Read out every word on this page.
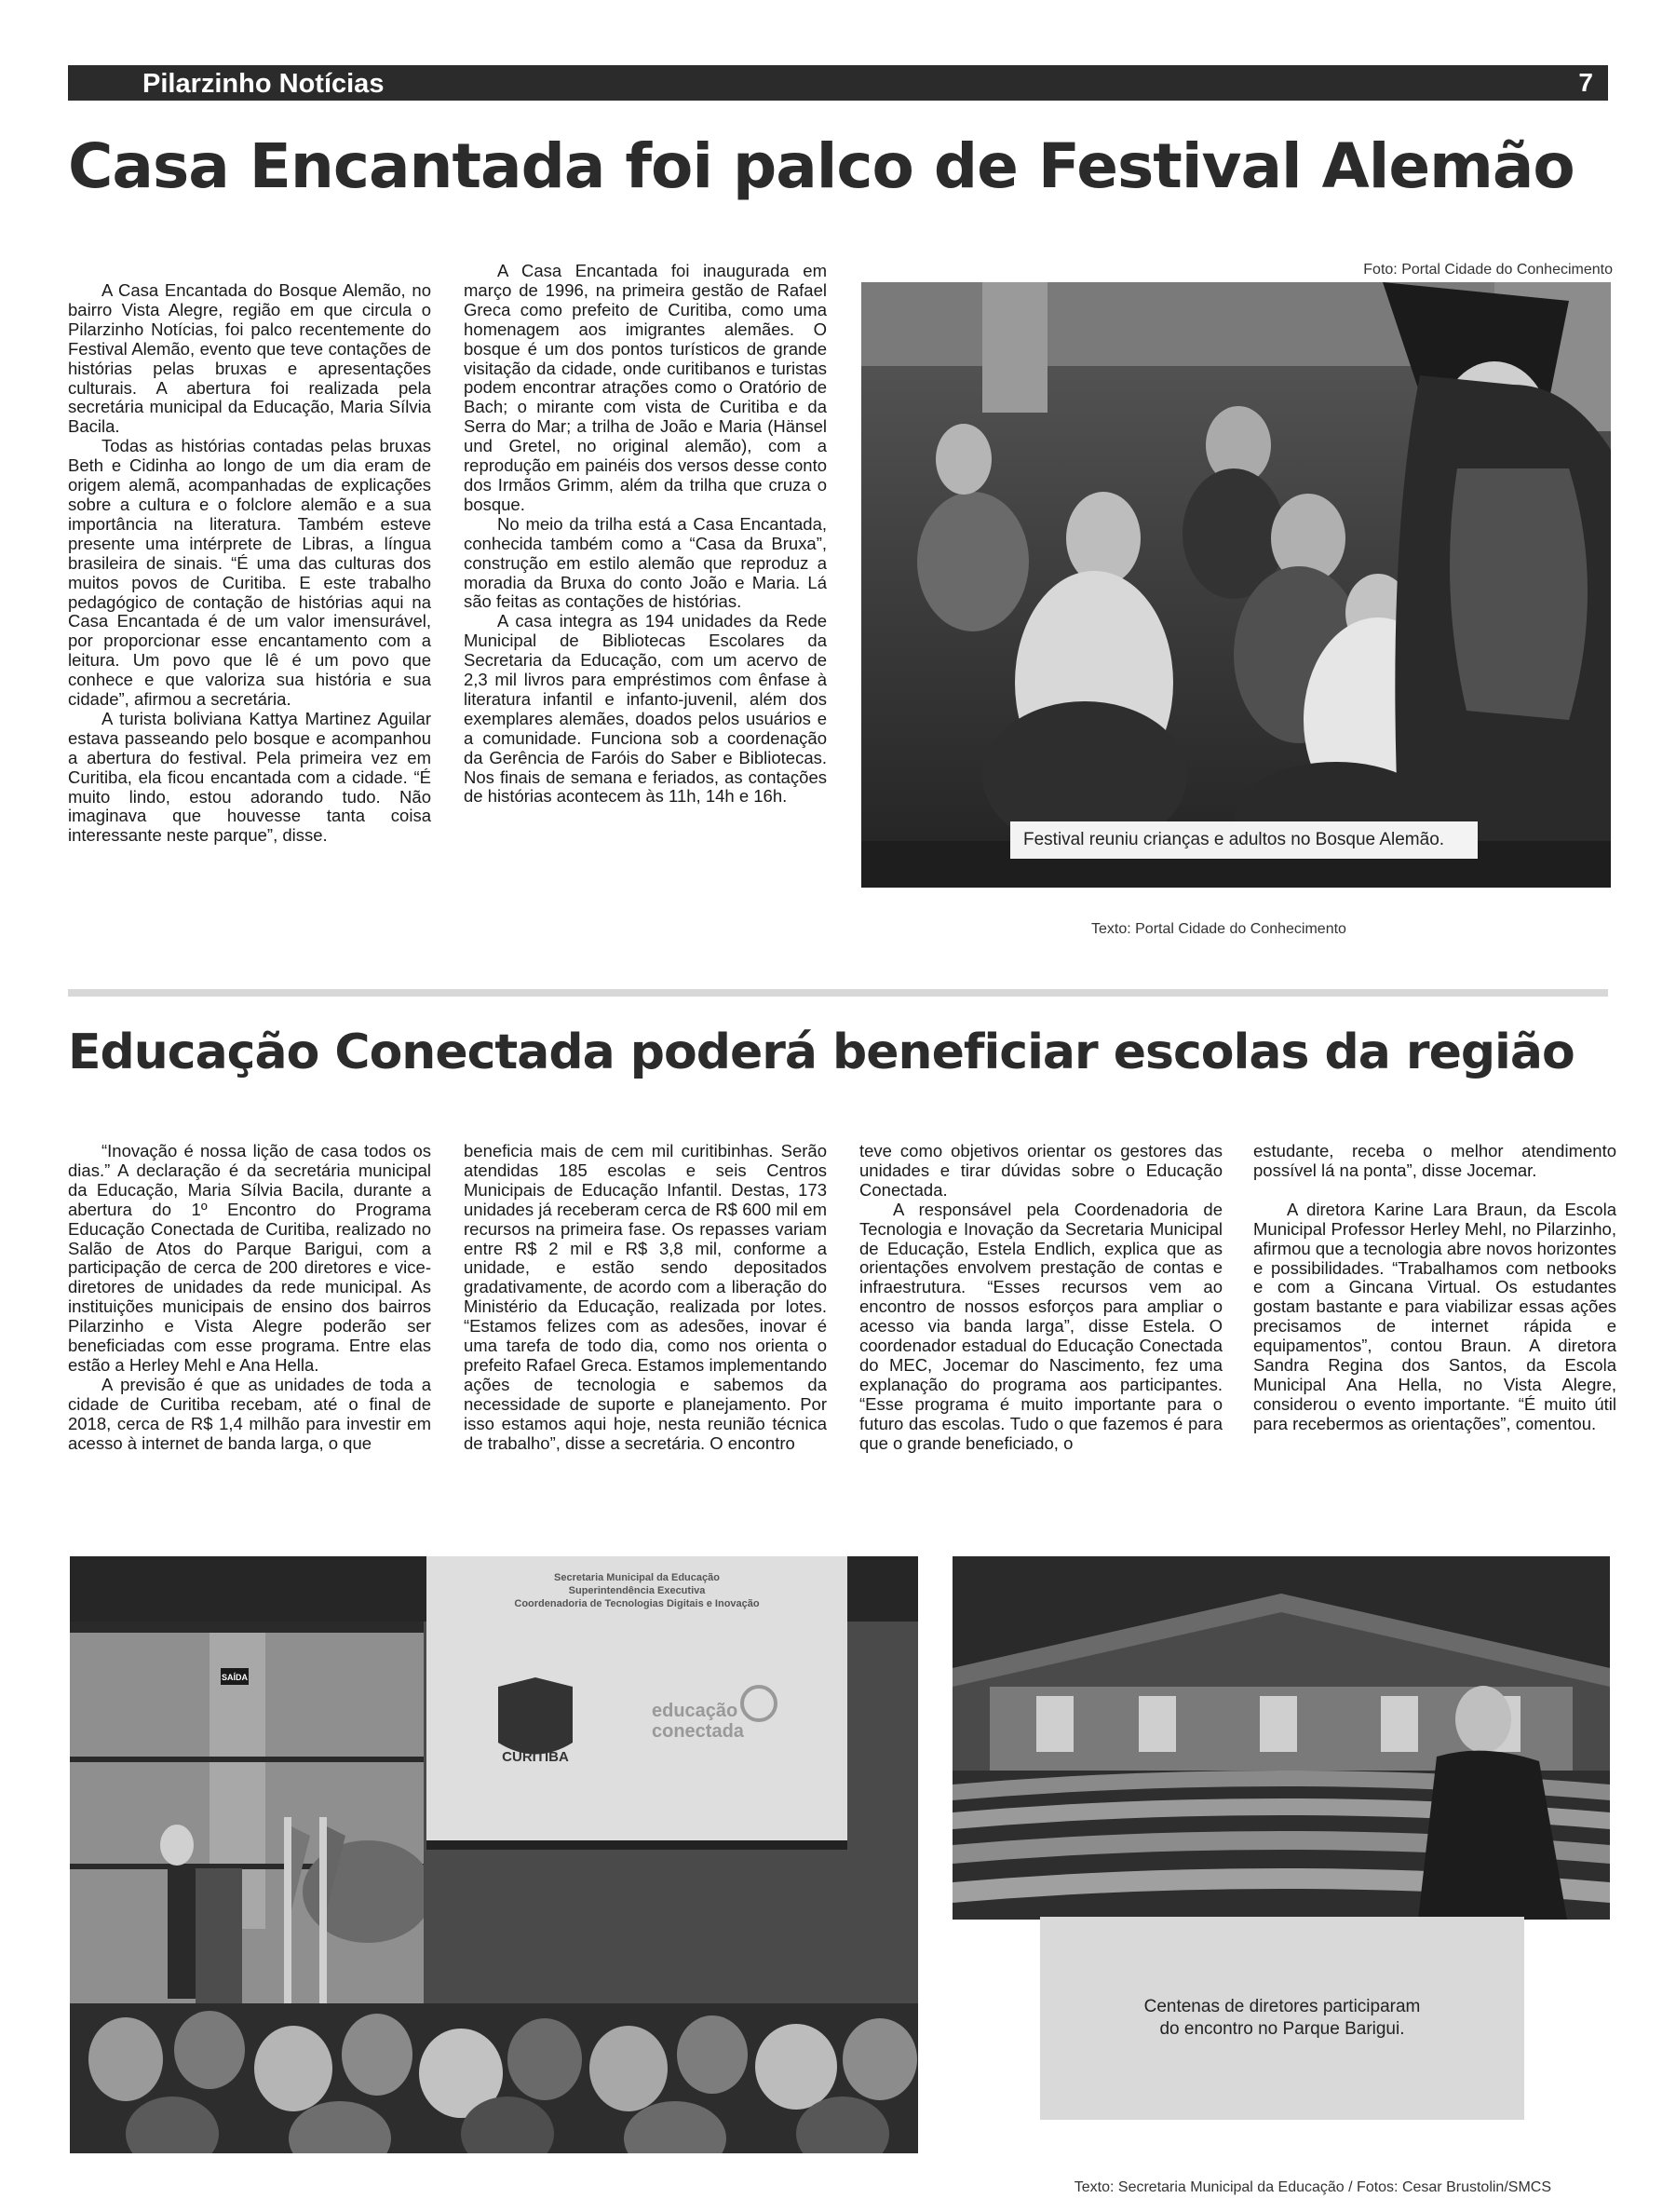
Pilarzinho Notícias	7
Casa Encantada foi palco de Festival Alemão

A Casa Encantada do Bosque Alemão, no bairro Vista Alegre, região em que circula o Pilarzinho Notícias, foi palco recentemente do Festival Alemão, evento que teve contações de histórias pelas bruxas e apresentações culturais. A abertura foi realizada pela secretária municipal da Educação, Maria Sílvia Bacila.

Todas as histórias contadas pelas bruxas Beth e Cidinha ao longo de um dia eram de origem alemã, acompanhadas de explicações sobre a cultura e o folclore alemão e a sua importância na literatura. Também esteve presente uma intérprete de Libras, a língua brasileira de sinais. “É uma das culturas dos muitos povos de Curitiba. E este trabalho pedagógico de contação de histórias aqui na Casa Encantada é de um valor imensurável, por proporcionar esse encantamento com a leitura. Um povo que lê é um povo que conhece e que valoriza sua história e sua cidade”, afirmou a secretária.

A turista boliviana Kattya Martinez Aguilar estava passeando pelo bosque e acompanhou a abertura do festival. Pela primeira vez em Curitiba, ela ficou encantada com a cidade. “É muito lindo, estou adorando tudo. Não imaginava que houvesse tanta coisa interessante neste parque”, disse.

A Casa Encantada foi inaugurada em março de 1996, na primeira gestão de Rafael Greca como prefeito de Curitiba, como uma homenagem aos imigrantes alemães. O bosque é um dos pontos turísticos de grande visitação da cidade, onde curitibanos e turistas podem encontrar atrações como o Oratório de Bach; o mirante com vista de Curitiba e da Serra do Mar; a trilha de João e Maria (Hänsel und Gretel, no original alemão), com a reprodução em painéis dos versos desse conto dos Irmãos Grimm, além da trilha que cruza o bosque.

No meio da trilha está a Casa Encantada, conhecida também como a “Casa da Bruxa”, construção em estilo alemão que reproduz a moradia da Bruxa do conto João e Maria. Lá são feitas as contações de histórias.

A casa integra as 194 unidades da Rede Municipal de Bibliotecas Escolares da Secretaria da Educação, com um acervo de 2,3 mil livros para empréstimos com ênfase à literatura infantil e infanto-juvenil, além dos exemplares alemães, doados pelos usuários e a comunidade. Funciona sob a coordenação da Gerência de Faróis do Saber e Bibliotecas. Nos finais de semana e feriados, as contações de histórias acontecem às 11h, 14h e 16h.

Foto: Portal Cidade do Conhecimento
Festival reuniu crianças e adultos no Bosque Alemão.
Texto: Portal Cidade do Conhecimento
Educação Conectada poderá beneficiar escolas da região

“Inovação é nossa lição de casa todos os dias.” A declaração é da secretária municipal da Educação, Maria Sílvia Bacila, durante a abertura do 1º Encontro do Programa Educação Conectada de Curitiba, realizado no Salão de Atos do Parque Barigui, com a participação de cerca de 200 diretores e vice-diretores de unidades da rede municipal. As instituições municipais de ensino dos bairros Pilarzinho e Vista Alegre poderão ser beneficiadas com esse programa. Entre elas estão a Herley Mehl e Ana Hella.

A previsão é que as unidades de toda a cidade de Curitiba recebam, até o final de 2018, cerca de R$ 1,4 milhão para investir em acesso à internet de banda larga, o que

beneficia mais de cem mil curitibinhas. Serão atendidas 185 escolas e seis Centros Municipais de Educação Infantil. Destas, 173 unidades já receberam cerca de R$ 600 mil em recursos na primeira fase. Os repasses variam entre R$ 2 mil e R$ 3,8 mil, conforme a unidade, e estão sendo depositados gradativamente, de acordo com a liberação do Ministério da Educação, realizada por lotes. “Estamos felizes com as adesões, inovar é uma tarefa de todo dia, como nos orienta o prefeito Rafael Greca. Estamos implementando ações de tecnologia e sabemos da necessidade de suporte e planejamento. Por isso estamos aqui hoje, nesta reunião técnica de trabalho”, disse a secretária. O encontro

teve como objetivos orientar os gestores das unidades e tirar dúvidas sobre o Educação Conectada.

A responsável pela Coordenadoria de Tecnologia e Inovação da Secretaria Municipal de Educação, Estela Endlich, explica que as orientações envolvem prestação de contas e infraestrutura. “Esses recursos vem ao encontro de nossos esforços para ampliar o acesso via banda larga”, disse Estela. O coordenador estadual do Educação Conectada do MEC, Jocemar do Nascimento, fez uma explanação do programa aos participantes. “Esse programa é muito importante para o futuro das escolas. Tudo o que fazemos é para que o grande beneficiado, o

estudante, receba o melhor atendimento possível lá na ponta”, disse Jocemar.

A diretora Karine Lara Braun, da Escola Municipal Professor Herley Mehl, no Pilarzinho, afirmou que a tecnologia abre novos horizontes e possibilidades. “Trabalhamos com netbooks e com a Gincana Virtual. Os estudantes gostam bastante e para viabilizar essas ações precisamos de internet rápida e equipamentos”, contou Braun. A diretora Sandra Regina dos Santos, da Escola Municipal Ana Hella, no Vista Alegre, considerou o evento importante. “É muito útil para recebermos as orientações”, comentou.

Secretaria Municipal da Educação
Superintendência Executiva
Coordenadoria de Tecnologias Digitais e Inovação
CURITIBA
educação
conectada
SAÍDA
Centenas de diretores participaram
do encontro no Parque Barigui.
Texto: Secretaria Municipal da Educação / Fotos: Cesar Brustolin/SMCS
